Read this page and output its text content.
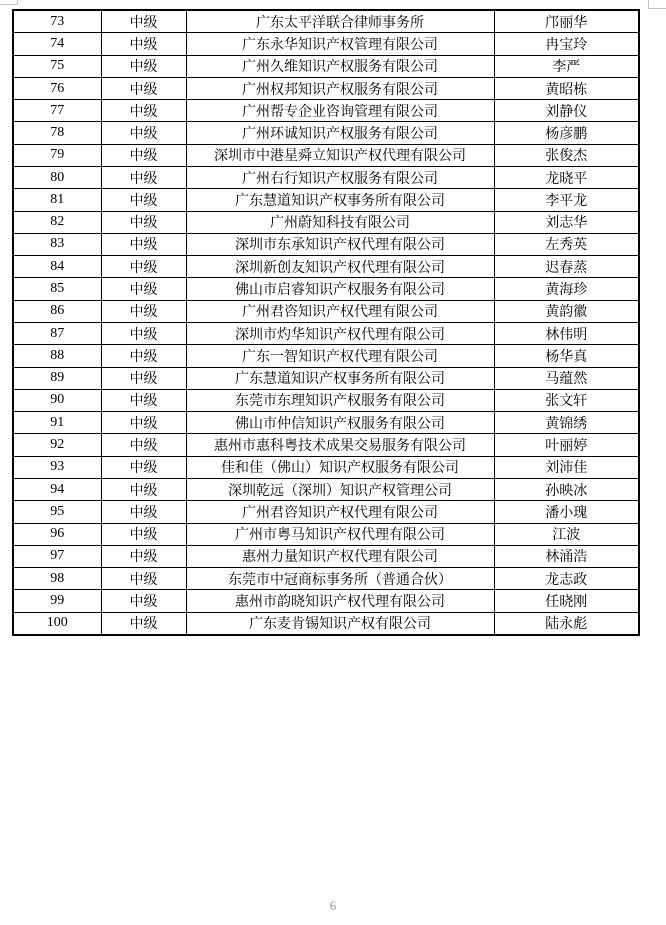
73	中级	广东太平洋联合律师事务所	邝丽华
74	中级	广东永华知识产权管理有限公司	冉宝玲
75	中级	广州久维知识产权服务有限公司	李严
76	中级	广州权邦知识产权服务有限公司	黄昭栋
77	中级	广州帮专企业咨询管理有限公司	刘静仪
78	中级	广州环诚知识产权服务有限公司	杨彦鹏
79	中级	深圳市中港星舜立知识产权代理有限公司	张俊杰
80	中级	广州右行知识产权服务有限公司	龙晓平
81	中级	广东慧道知识产权事务所有限公司	李平龙
82	中级	广州蔚知科技有限公司	刘志华
83	中级	深圳市东承知识产权代理有限公司	左秀英
84	中级	深圳新创友知识产权代理有限公司	迟春蒸
85	中级	佛山市启睿知识产权服务有限公司	黄海珍
86	中级	广州君咨知识产权代理有限公司	黄韵徽
87	中级	深圳市灼华知识产权代理有限公司	林伟明
88	中级	广东一智知识产权代理有限公司	杨华真
89	中级	广东慧道知识产权事务所有限公司	马蕴然
90	中级	东莞市东理知识产权服务有限公司	张文轩
91	中级	佛山市仲信知识产权服务有限公司	黄锦绣
92	中级	惠州市惠科粤技术成果交易服务有限公司	叶丽婷
93	中级	佳和佳（佛山）知识产权服务有限公司	刘沛佳
94	中级	深圳乾远（深圳）知识产权管理公司	孙映冰
95	中级	广州君咨知识产权代理有限公司	潘小瑰
96	中级	广州市粤马知识产权代理有限公司	江波
97	中级	惠州力量知识产权代理有限公司	林涌浩
98	中级	东莞市中冠商标事务所（普通合伙）	龙志政
99	中级	惠州市韵晓知识产权代理有限公司	任晓刚
100	中级	广东麦肯锡知识产权有限公司	陆永彪
6
